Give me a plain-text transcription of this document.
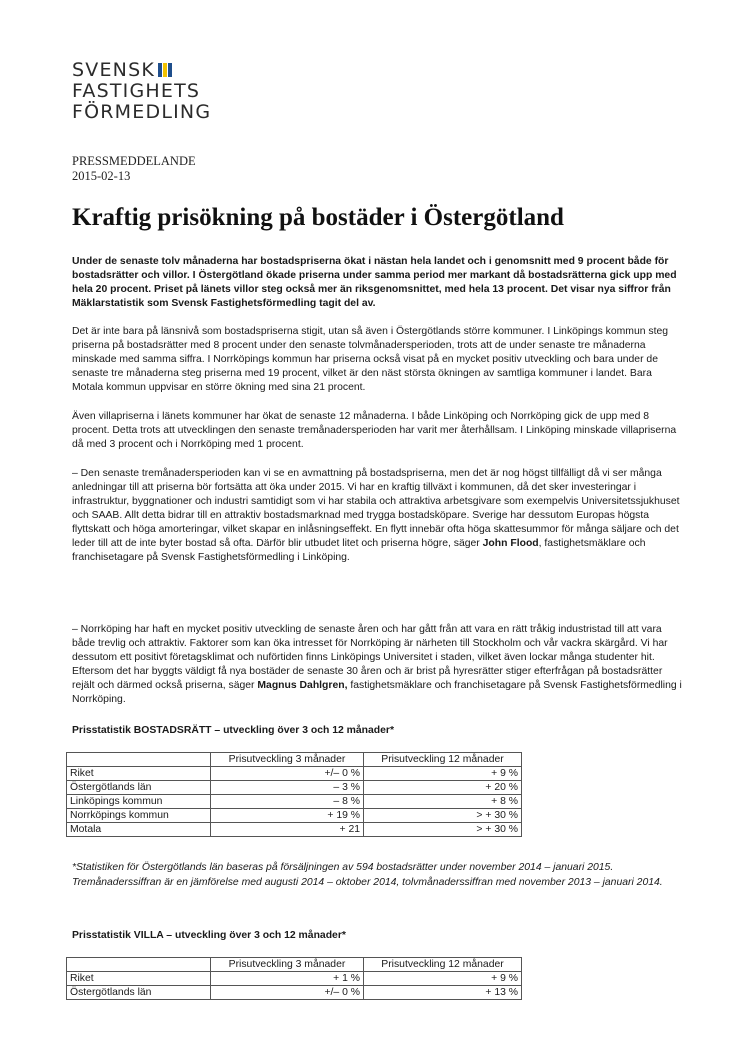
SVENSK
FASTIGHETS
FÖRMEDLING
PRESSMEDDELANDE
2015-02-13
Kraftig prisökning på bostäder i Östergötland

Under de senaste tolv månaderna har bostadspriserna ökat i nästan hela landet och i genomsnitt med 9 procent både för bostadsrätter och villor. I Östergötland ökade priserna under samma period mer markant då bostadsrätterna gick upp med hela 20 procent. Priset på länets villor steg också mer än riksgenomsnittet, med hela 13 procent. Det visar nya siffror från Mäklarstatistik som Svensk Fastighetsförmedling tagit del av.

Det är inte bara på länsnivå som bostadspriserna stigit, utan så även i Östergötlands större kommuner. I Linköpings kommun steg priserna på bostadsrätter med 8 procent under den senaste tolvmånadersperioden, trots att de under senaste tre månaderna minskade med samma siffra. I Norrköpings kommun har priserna också visat på en mycket positiv utveckling och bara under de senaste tre månaderna steg priserna med 19 procent, vilket är den näst största ökningen av samtliga kommuner i landet. Bara Motala kommun uppvisar en större ökning med sina 21 procent.

Även villapriserna i länets kommuner har ökat de senaste 12 månaderna. I både Linköping och Norrköping gick de upp med 8 procent. Detta trots att utvecklingen den senaste tremånadersperioden har varit mer återhållsam. I Linköping minskade villapriserna då med 3 procent och i Norrköping med 1 procent.

– Den senaste tremånadersperioden kan vi se en avmattning på bostadspriserna, men det är nog högst tillfälligt då vi ser många anledningar till att priserna bör fortsätta att öka under 2015. Vi har en kraftig tillväxt i kommunen, då det sker investeringar i infrastruktur, byggnationer och industri samtidigt som vi har stabila och attraktiva arbetsgivare som exempelvis Universitetssjukhuset och SAAB. Allt detta bidrar till en attraktiv bostadsmarknad med trygga bostadsköpare. Sverige har dessutom Europas högsta flyttskatt och höga amorteringar, vilket skapar en inlåsningseffekt. En flytt innebär ofta höga skattesummor för många säljare och det leder till att de inte byter bostad så ofta. Därför blir utbudet litet och priserna högre, säger John Flood, fastighetsmäklare och franchisetagare på Svensk Fastighetsförmedling i Linköping.

– Norrköping har haft en mycket positiv utveckling de senaste åren och har gått från att vara en rätt tråkig industristad till att vara både trevlig och attraktiv. Faktorer som kan öka intresset för Norrköping är närheten till Stockholm och vår vackra skärgård. Vi har dessutom ett positivt företagsklimat och nuförtiden finns Linköpings Universitet i staden, vilket även lockar många studenter hit. Eftersom det har byggts väldigt få nya bostäder de senaste 30 åren och är brist på hyresrätter stiger efterfrågan på bostadsrätter rejält och därmed också priserna, säger Magnus Dahlgren, fastighetsmäklare och franchisetagare på Svensk Fastighetsförmedling i Norrköping.

Prisstatistik BOSTADSRÄTT – utveckling över 3 och 12 månader*
	Prisutveckling 3 månader	Prisutveckling 12 månader
Riket	+/– 0 %	+ 9 %
Östergötlands län	– 3 %	+ 20 %
Linköpings kommun	– 8 %	+ 8 %
Norrköpings kommun	+ 19 %	> + 30 %
Motala	+ 21	> + 30 %
*Statistiken för Östergötlands län baseras på försäljningen av 594 bostadsrätter under november 2014 – januari 2015. Tremånaderssiffran är en jämförelse med augusti 2014 – oktober 2014, tolvmånaderssiffran med november 2013 – januari 2014.
Prisstatistik VILLA – utveckling över 3 och 12 månader*
	Prisutveckling 3 månader	Prisutveckling 12 månader
Riket	+ 1 %	+ 9 %
Östergötlands län	+/– 0 %	+ 13 %
